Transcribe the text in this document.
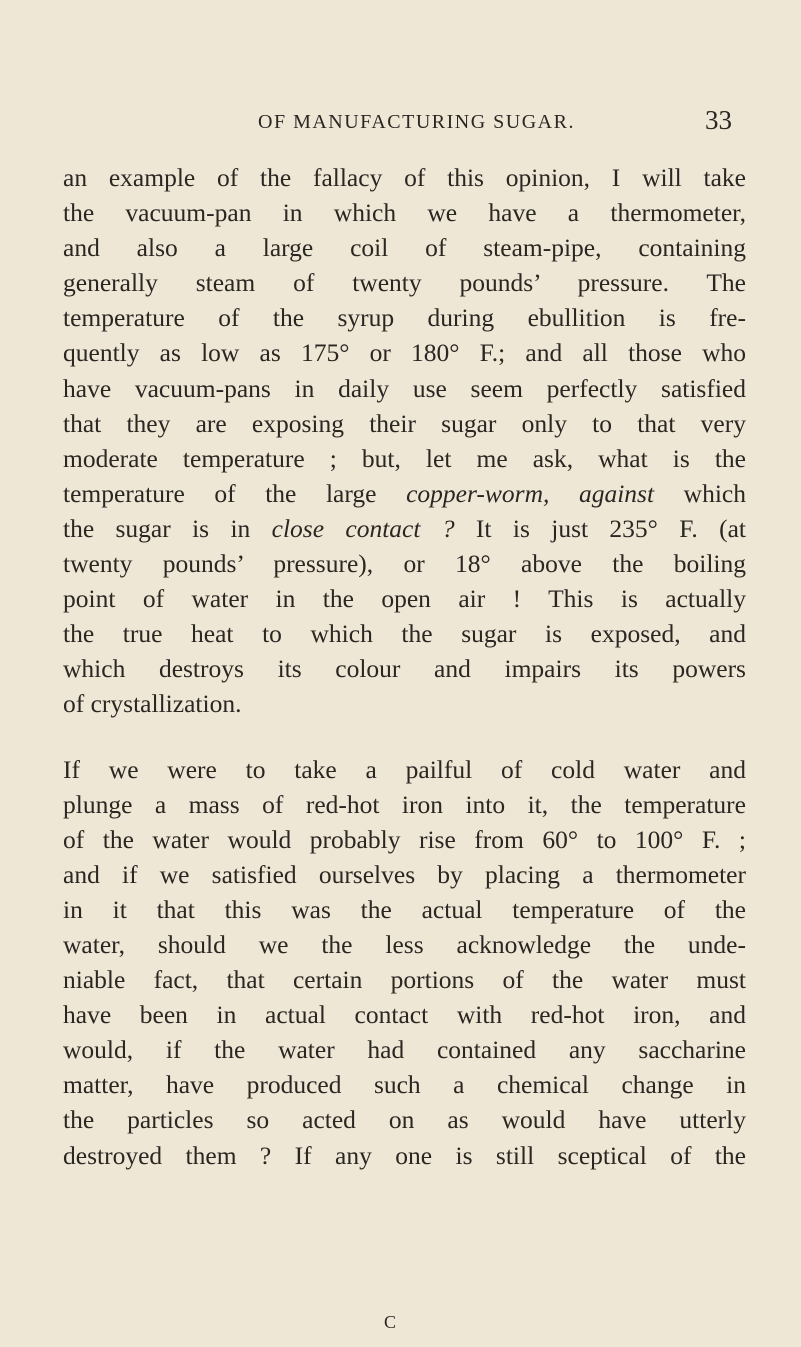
OF MANUFACTURING SUGAR.	33
an example of the fallacy of this opinion, I will take
the vacuum-pan in which we have a thermometer,
and also a large coil of steam-pipe, containing
generally steam of twenty pounds’ pressure. The
temperature of the syrup during ebullition is fre-
quently as low as 175° or 180° F.; and all those who
have vacuum-pans in daily use seem perfectly satisfied
that they are exposing their sugar only to that very
moderate temperature ; but, let me ask, what is the
temperature of the large copper-worm, against which
the sugar is in close contact ? It is just 235° F. (at
twenty pounds’ pressure), or 18° above the boiling
point of water in the open air ! This is actually
the true heat to which the sugar is exposed, and
which destroys its colour and impairs its powers
of crystallization.
If we were to take a pailful of cold water and
plunge a mass of red-hot iron into it, the temperature
of the water would probably rise from 60° to 100° F. ;
and if we satisfied ourselves by placing a thermometer
in it that this was the actual temperature of the
water, should we the less acknowledge the unde-
niable fact, that certain portions of the water must
have been in actual contact with red-hot iron, and
would, if the water had contained any saccharine
matter, have produced such a chemical change in
the particles so acted on as would have utterly
destroyed them ? If any one is still sceptical of the
C
